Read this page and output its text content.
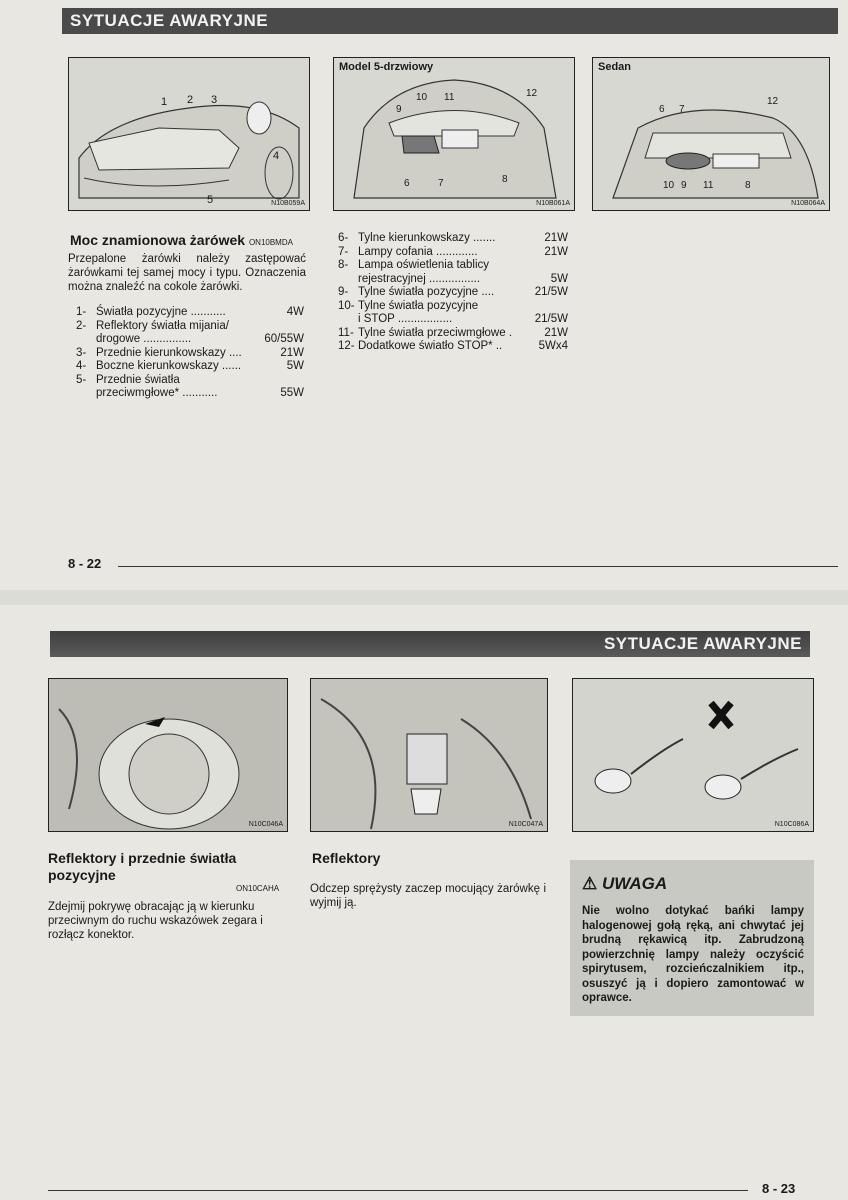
SYTUACJE AWARYJNE
1 2 3
4
5	N10B059A
Model 5-drzwiowy
9
10 11	12
6	7	8
N10B061A
Sedan
6 7
12
10 9 11	8
N10B064A
Moc znamionowa żarówek ON10BMDA
Przepalone żarówki należy zastępować żarówkami tej samej mocy i typu. Oznaczenia można znaleźć na cokole żarówki.
1- Światła pozycyjne ...........	4W
2- Reflektory światła mijania/
drogowe ...............	60/55W
3- Przednie kierunkowskazy ....	21W
4- Boczne kierunkowskazy ......	5W
5- Przednie światła
przeciwmgłowe* ...........	55W
6- Tylne kierunkowskazy .......	21W
7- Lampy cofania .............	21W
8- Lampa oświetlenia tablicy
rejestracyjnej ................	5W
9- Tylne światła pozycyjne ....	21/5W
10- Tylne światła pozycyjne
i STOP .................	21/5W
11- Tylne światła przeciwmgłowe .	21W
12- Dodatkowe światło STOP* ..	5Wx4
8 - 22
SYTUACJE AWARYJNE
N10C046A	N10C047A	N10C086A
Reflektory i przednie światła pozycyjne
ON10CAHA
Zdejmij pokrywę obracając ją w kierunku przeciwnym do ruchu wskazówek zegara i rozłącz konektor.
Reflektory
Odczep sprężysty zaczep mocujący żarówkę i wyjmij ją.
8 - 23
⚠ UWAGA
Nie wolno dotykać bańki lampy halogenowej gołą ręką, ani chwytać jej brudną rękawicą itp. Zabrudzoną powierzchnię lampy należy oczyścić spirytusem, rozcieńczalnikiem itp., osuszyć ją i dopiero zamontować w oprawce.
